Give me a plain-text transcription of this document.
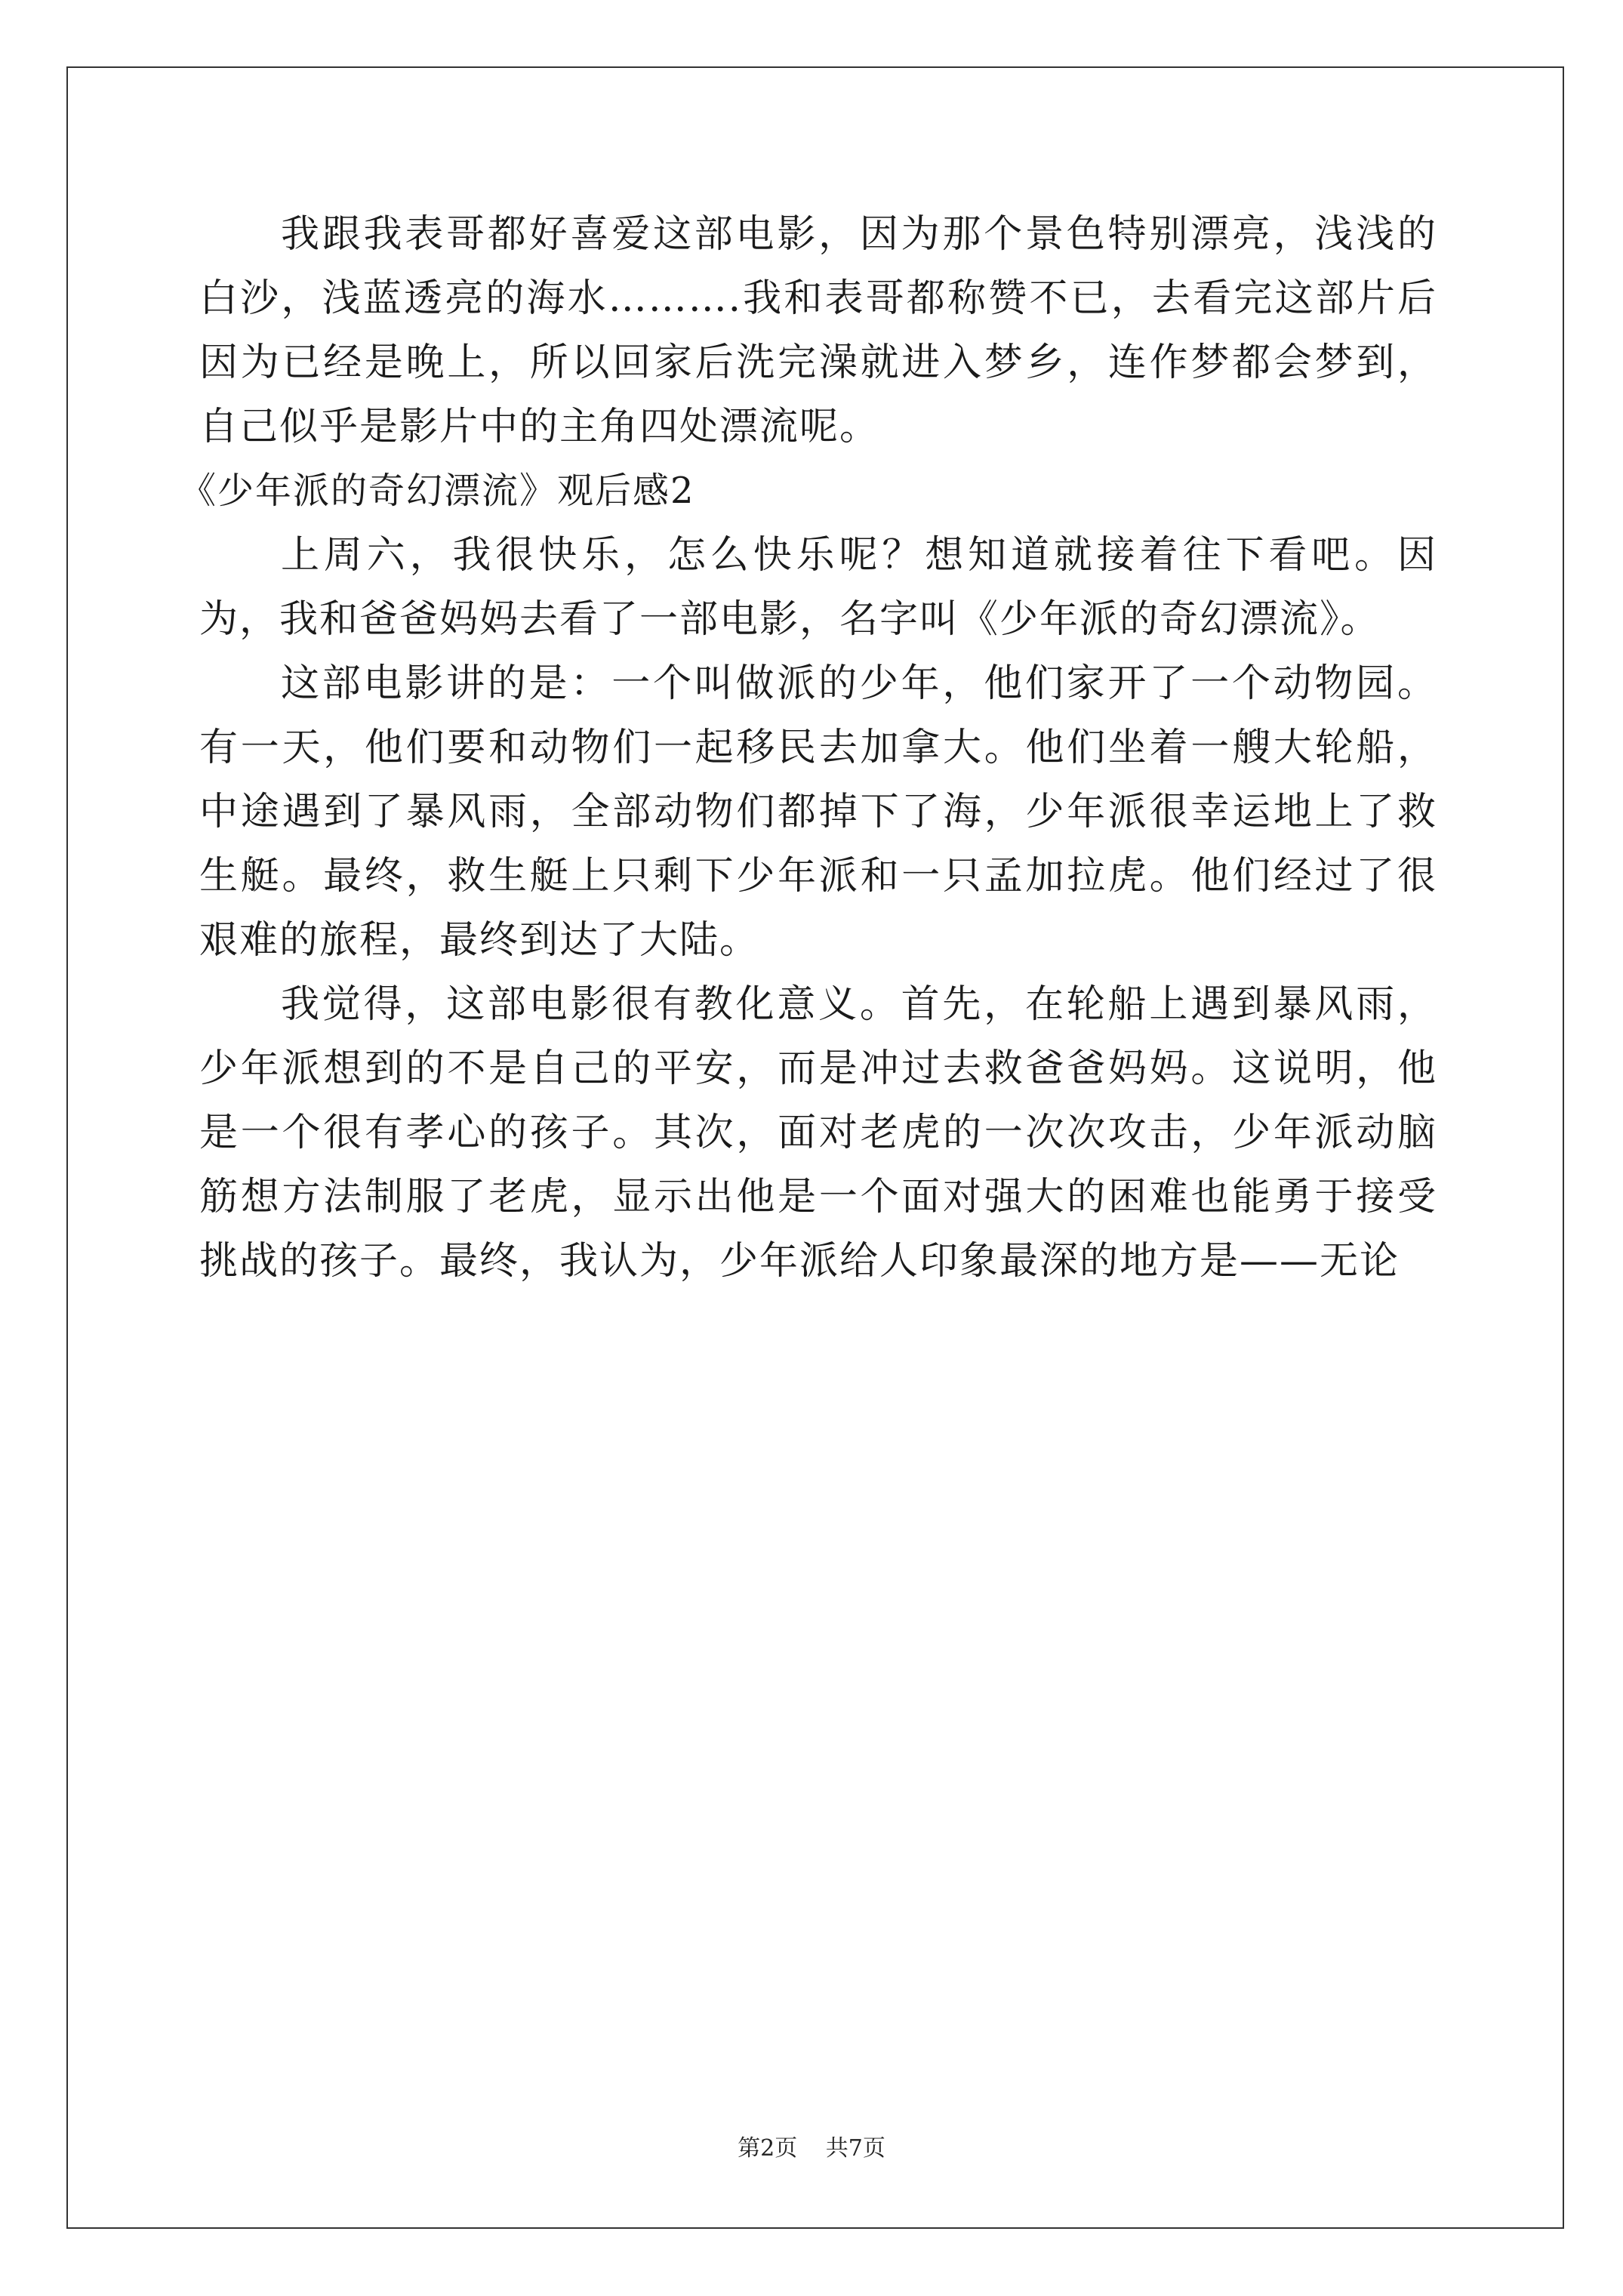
我跟我表哥都好喜爱这部电影，因为那个景色特别漂亮，浅浅的白沙，浅蓝透亮的海水……….我和表哥都称赞不已，去看完这部片后因为已经是晚上，所以回家后洗完澡就进入梦乡，连作梦都会梦到，自己似乎是影片中的主角四处漂流呢。

《少年派的奇幻漂流》观后感2

上周六，我很快乐，怎么快乐呢？想知道就接着往下看吧。因为，我和爸爸妈妈去看了一部电影，名字叫《少年派的奇幻漂流》。

这部电影讲的是：一个叫做派的少年，他们家开了一个动物园。有一天，他们要和动物们一起移民去加拿大。他们坐着一艘大轮船，中途遇到了暴风雨，全部动物们都掉下了海，少年派很幸运地上了救生艇。最终，救生艇上只剩下少年派和一只孟加拉虎。他们经过了很艰难的旅程，最终到达了大陆。

我觉得，这部电影很有教化意义。首先，在轮船上遇到暴风雨，少年派想到的不是自己的平安，而是冲过去救爸爸妈妈。这说明，他是一个很有孝心的孩子。其次，面对老虎的一次次攻击，少年派动脑筋想方法制服了老虎，显示出他是一个面对强大的困难也能勇于接受挑战的孩子。最终，我认为，少年派给人印象最深的地方是——无论

第2页 共7页
